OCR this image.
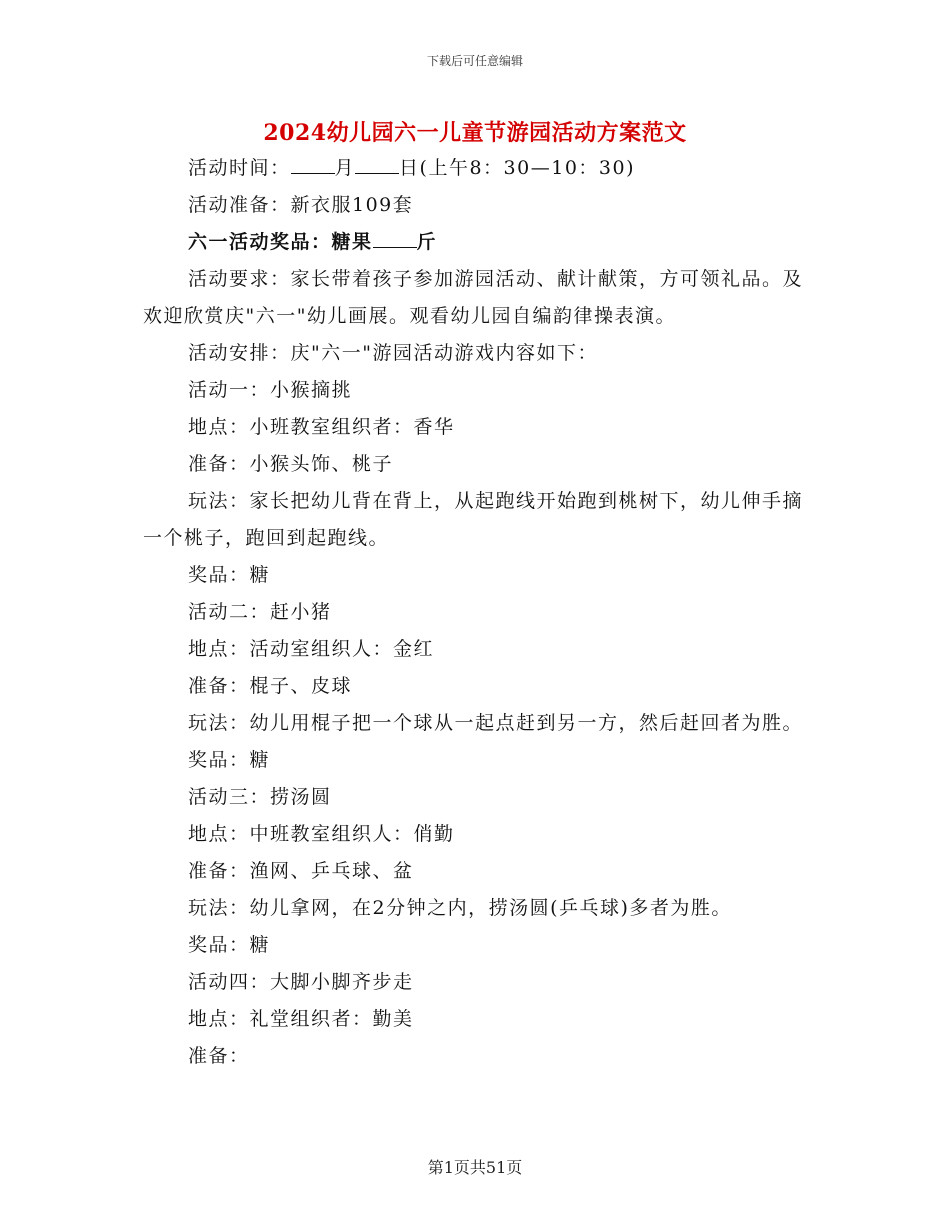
下载后可任意编辑
2024幼儿园六一儿童节游园活动方案范文

活动时间： 月 日(上午8：30—10：30)

活动准备：新衣服109套

六一活动奖品：糖果 斤

活动要求：家长带着孩子参加游园活动、献计献策，方可领礼品。及欢迎欣赏庆"六一"幼儿画展。观看幼儿园自编韵律操表演。

活动安排：庆"六一"游园活动游戏内容如下：

活动一：小猴摘挑

地点：小班教室组织者：香华

准备：小猴头饰、桃子

玩法：家长把幼儿背在背上，从起跑线开始跑到桃树下，幼儿伸手摘一个桃子，跑回到起跑线。

奖品：糖

活动二：赶小猪

地点：活动室组织人：金红

准备：棍子、皮球

玩法：幼儿用棍子把一个球从一起点赶到另一方，然后赶回者为胜。

奖品：糖

活动三：捞汤圆

地点：中班教室组织人：俏勤

准备：渔网、乒乓球、盆

玩法：幼儿拿网，在2分钟之内，捞汤圆(乒乓球)多者为胜。

奖品：糖

活动四：大脚小脚齐步走

地点：礼堂组织者：勤美

准备：

第1页共51页
